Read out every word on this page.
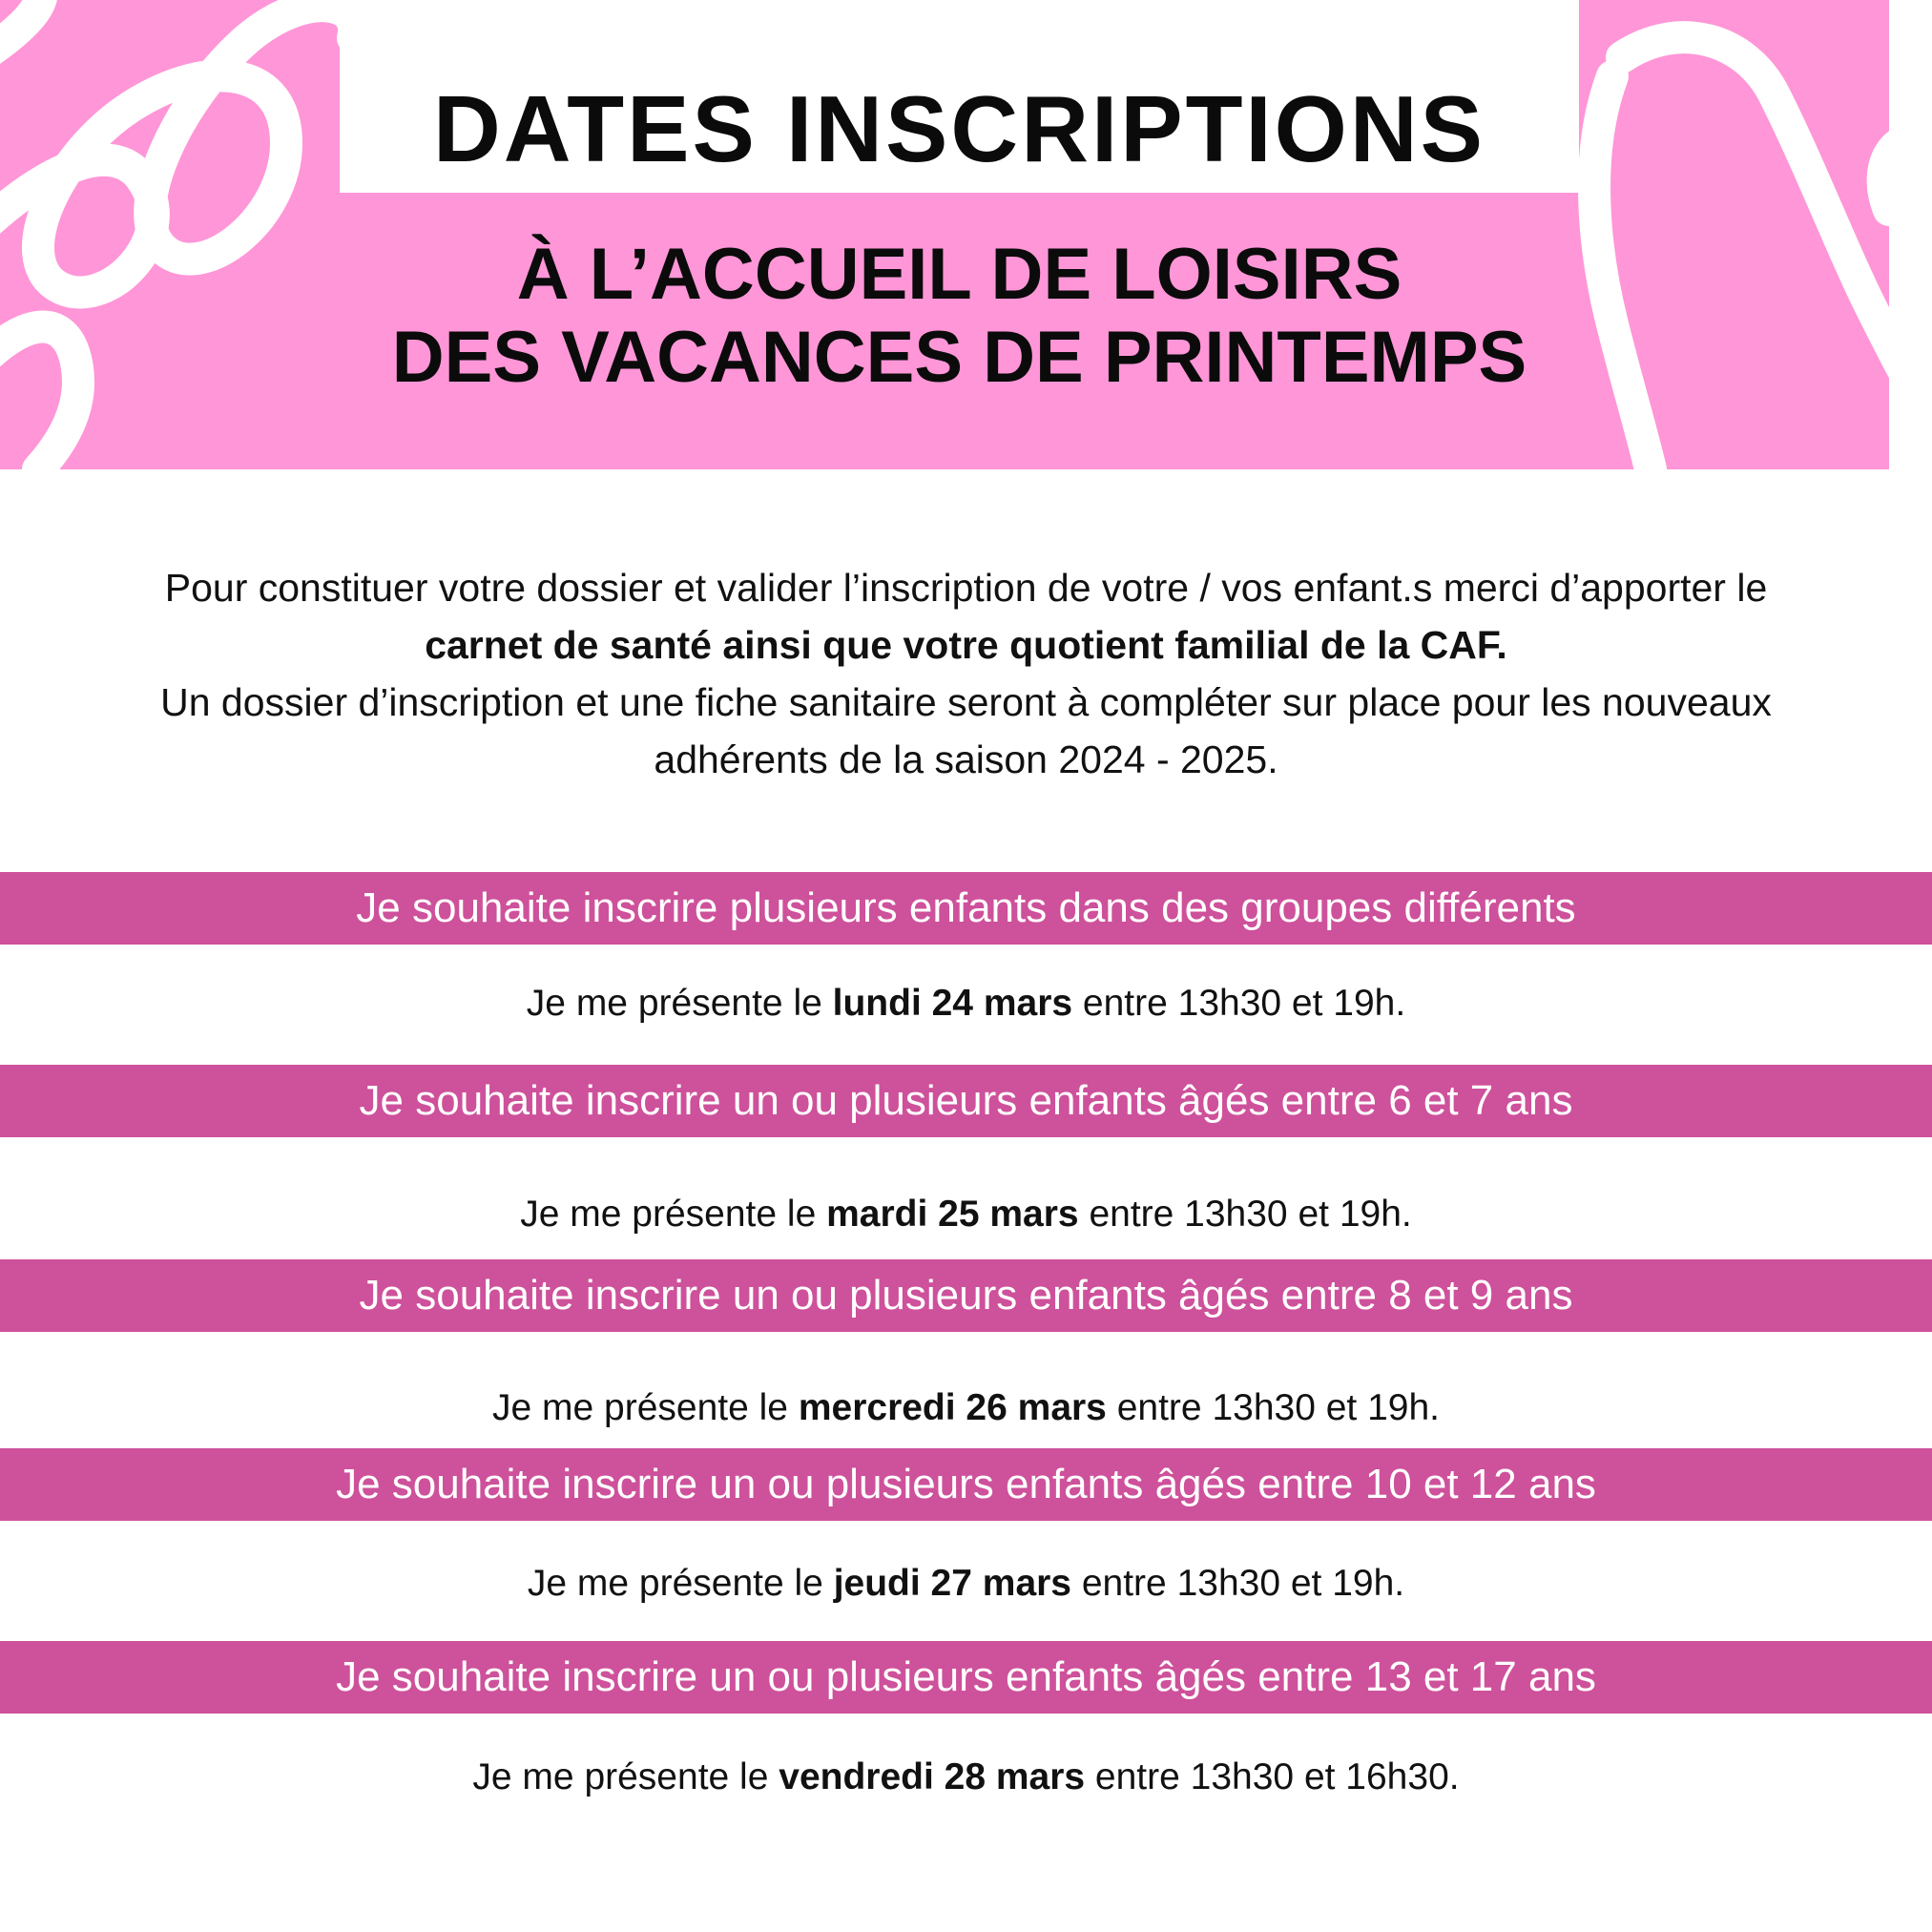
DATES INSCRIPTIONS
À L’ACCUEIL DE LOISIRS
DES VACANCES DE PRINTEMPS

Pour constituer votre dossier et valider l’inscription de votre / vos enfant.s merci d’apporter le carnet de santé ainsi que votre quotient familial de la CAF.
Un dossier d’inscription et une fiche sanitaire seront à compléter sur place pour les nouveaux adhérents de la saison 2024 - 2025.

Je souhaite inscrire plusieurs enfants dans des groupes différents
Je me présente le lundi 24 mars entre 13h30 et 19h.
Je souhaite inscrire un ou plusieurs enfants âgés entre 6 et 7 ans
Je me présente le mardi 25 mars entre 13h30 et 19h.
Je souhaite inscrire un ou plusieurs enfants âgés entre 8 et 9 ans
Je me présente le mercredi 26 mars entre 13h30 et 19h.
Je souhaite inscrire un ou plusieurs enfants âgés entre 10 et 12 ans
Je me présente le jeudi 27 mars entre 13h30 et 19h.
Je souhaite inscrire un ou plusieurs enfants âgés entre 13 et 17 ans
Je me présente le vendredi 28 mars entre 13h30 et 16h30.
